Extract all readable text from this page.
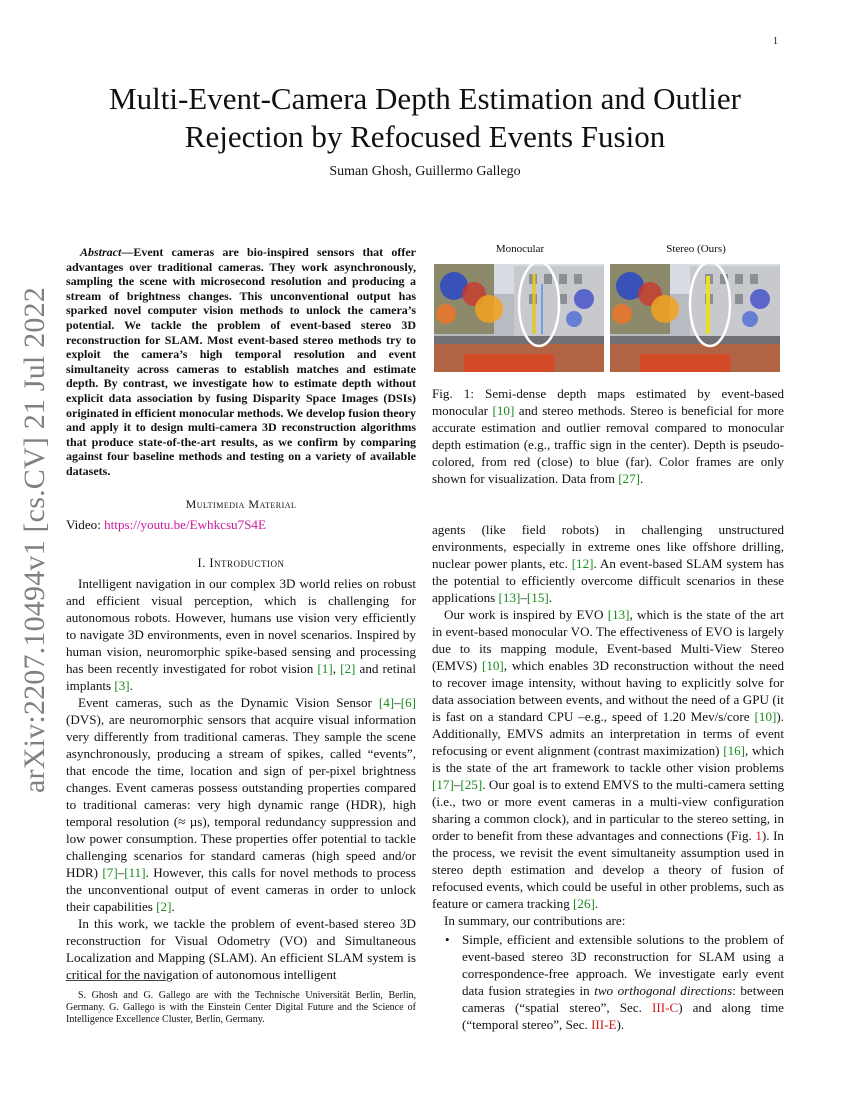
1
arXiv:2207.10494v1 [cs.CV] 21 Jul 2022
Multi-Event-Camera Depth Estimation and Outlier Rejection by Refocused Events Fusion
Suman Ghosh, Guillermo Gallego

Abstract—Event cameras are bio-inspired sensors that offer advantages over traditional cameras. They work asynchronously, sampling the scene with microsecond resolution and producing a stream of brightness changes. This unconventional output has sparked novel computer vision methods to unlock the camera’s potential. We tackle the problem of event-based stereo 3D reconstruction for SLAM. Most event-based stereo methods try to exploit the camera’s high temporal resolution and event simultaneity across cameras to establish matches and estimate depth. By contrast, we investigate how to estimate depth without explicit data association by fusing Disparity Space Images (DSIs) originated in efficient monocular methods. We develop fusion theory and apply it to design multi-camera 3D reconstruction algorithms that produce state-of-the-art results, as we confirm by comparing against four baseline methods and testing on a variety of available datasets.

Multimedia Material
Video: https://youtu.be/Ewhkcsu7S4E
I. Introduction

Intelligent navigation in our complex 3D world relies on robust and efficient visual perception, which is challenging for autonomous robots. However, humans use vision very efficiently to navigate 3D environments, even in novel scenarios. Inspired by human vision, neuromorphic spike-based sensing and processing has been recently investigated for robot vision [1], [2] and retinal implants [3].

Event cameras, such as the Dynamic Vision Sensor [4]–[6] (DVS), are neuromorphic sensors that acquire visual information very differently from traditional cameras. They sample the scene asynchronously, producing a stream of spikes, called “events”, that encode the time, location and sign of per-pixel brightness changes. Event cameras possess outstanding properties compared to traditional cameras: very high dynamic range (HDR), high temporal resolution (≈ µs), temporal redundancy suppression and low power consumption. These properties offer potential to tackle challenging scenarios for standard cameras (high speed and/or HDR) [7]–[11]. However, this calls for novel methods to process the unconventional output of event cameras in order to unlock their capabilities [2].

In this work, we tackle the problem of event-based stereo 3D reconstruction for Visual Odometry (VO) and Simultaneous Localization and Mapping (SLAM). An efficient SLAM system is critical for the navigation of autonomous intelligent

S. Ghosh and G. Gallego are with the Technische Universität Berlin, Berlin, Germany. G. Gallego is with the Einstein Center Digital Future and the Science of Intelligence Excellence Cluster, Berlin, Germany.

Monocular	Stereo (Ours)

Fig. 1: Semi-dense depth maps estimated by event-based monocular [10] and stereo methods. Stereo is beneficial for more accurate estimation and outlier removal compared to monocular depth estimation (e.g., traffic sign in the center). Depth is pseudo-colored, from red (close) to blue (far). Color frames are only shown for visualization. Data from [27].

agents (like field robots) in challenging unstructured environments, especially in extreme ones like offshore drilling, nuclear power plants, etc. [12]. An event-based SLAM system has the potential to efficiently overcome difficult scenarios in these applications [13]–[15].

Our work is inspired by EVO [13], which is the state of the art in event-based monocular VO. The effectiveness of EVO is largely due to its mapping module, Event-based Multi-View Stereo (EMVS) [10], which enables 3D reconstruction without the need to recover image intensity, without having to explicitly solve for data association between events, and without the need of a GPU (it is fast on a standard CPU –e.g., speed of 1.20 Mev/s/core [10]). Additionally, EMVS admits an interpretation in terms of event refocusing or event alignment (contrast maximization) [16], which is the state of the art framework to tackle other vision problems [17]–[25]. Our goal is to extend EMVS to the multi-camera setting (i.e., two or more event cameras in a multi-view configuration sharing a common clock), and in particular to the stereo setting, in order to benefit from these advantages and connections (Fig. 1). In the process, we revisit the event simultaneity assumption used in stereo depth estimation and develop a theory of fusion of refocused events, which could be useful in other problems, such as feature or camera tracking [26].

In summary, our contributions are:

• Simple, efficient and extensible solutions to the problem of event-based stereo 3D reconstruction for SLAM using a correspondence-free approach. We investigate early event data fusion strategies in two orthogonal directions: between cameras (“spatial stereo”, Sec. III-C) and along time (“temporal stereo”, Sec. III-E).
